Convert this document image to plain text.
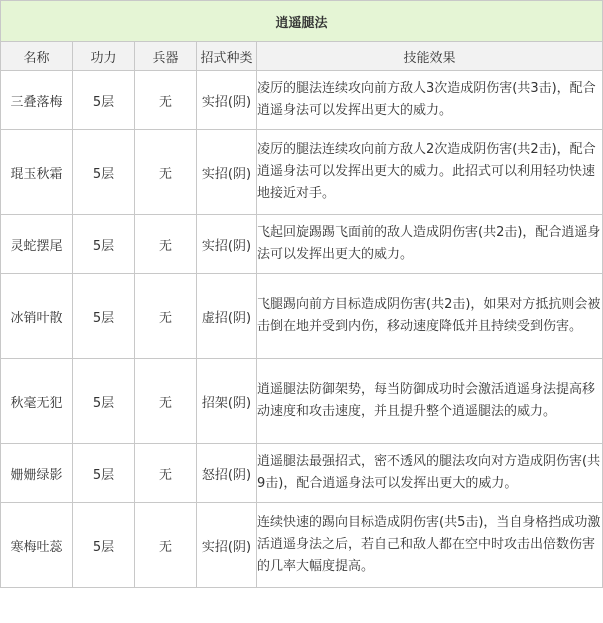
逍遥腿法				
名称	功力	兵器	招式种类	技能效果
三叠落梅	5层	无	实招(阴)	凌厉的腿法连续攻向前方敌人3次造成阴伤害(共3击)，配合逍遥身法可以发挥出更大的威力。
琨玉秋霜	5层	无	实招(阴)	凌厉的腿法连续攻向前方敌人2次造成阴伤害(共2击)，配合逍遥身法可以发挥出更大的威力。此招式可以利用轻功快速地接近对手。
灵蛇摆尾	5层	无	实招(阴)	飞起回旋踢踢飞面前的敌人造成阴伤害(共2击)，配合逍遥身法可以发挥出更大的威力。
冰销叶散	5层	无	虚招(阴)	飞腿踢向前方目标造成阴伤害(共2击)，如果对方抵抗则会被击倒在地并受到内伤，移动速度降低并且持续受到伤害。
秋毫无犯	5层	无	招架(阴)	逍遥腿法防御架势，每当防御成功时会激活逍遥身法提高移动速度和攻击速度，并且提升整个逍遥腿法的威力。
姗姗绿影	5层	无	怒招(阴)	逍遥腿法最强招式，密不透风的腿法攻向对方造成阴伤害(共9击)，配合逍遥身法可以发挥出更大的威力。
寒梅吐蕊	5层	无	实招(阴)	连续快速的踢向目标造成阴伤害(共5击)，当自身格挡成功激活逍遥身法之后，若自己和敌人都在空中时攻击出倍数伤害的几率大幅度提高。
